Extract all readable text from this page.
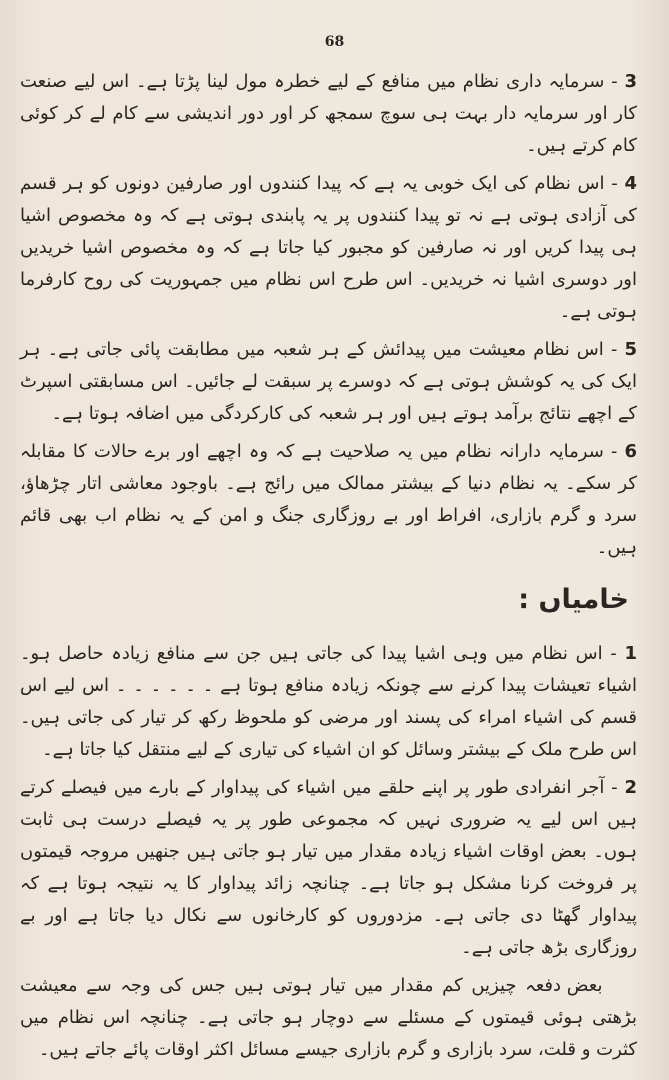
68

3 - سرمایہ داری نظام میں منافع کے لیے خطرہ مول لینا پڑتا ہے۔ اس لیے صنعت کار اور سرمایہ دار بہت ہی سوچ سمجھ کر اور دور اندیشی سے کام لے کر کوئی کام کرتے ہیں۔

4 - اس نظام کی ایک خوبی یہ ہے کہ پیدا کنندوں اور صارفین دونوں کو ہر قسم کی آزادی ہوتی ہے نہ تو پیدا کنندوں پر یہ پابندی ہوتی ہے کہ وہ مخصوص اشیا ہی پیدا کریں اور نہ صارفین کو مجبور کیا جاتا ہے کہ وہ مخصوص اشیا خریدیں اور دوسری اشیا نہ خریدیں۔ اس طرح اس نظام میں جمہوریت کی روح کارفرما ہوتی ہے۔

5 - اس نظام معیشت میں پیدائش کے ہر شعبہ میں مطابقت پائی جاتی ہے۔ ہر ایک کی یہ کوشش ہوتی ہے کہ دوسرے پر سبقت لے جائیں۔ اس مسابقتی اسپرٹ کے اچھے نتائج برآمد ہوتے ہیں اور ہر شعبہ کی کارکردگی میں اضافہ ہوتا ہے۔

6 - سرمایہ دارانہ نظام میں یہ صلاحیت ہے کہ وہ اچھے اور برے حالات کا مقابلہ کر سکے۔ یہ نظام دنیا کے بیشتر ممالک میں رائج ہے۔ باوجود معاشی اتار چڑھاؤ، سرد و گرم بازاری، افراط اور بے روزگاری جنگ و امن کے یہ نظام اب بھی قائم ہیں۔

خامیاں :

1 - اس نظام میں وہی اشیا پیدا کی جاتی ہیں جن سے منافع زیادہ حاصل ہو۔ اشیاء تعیشات پیدا کرنے سے چونکہ زیادہ منافع ہوتا ہے ۔ ۔ ۔ ۔ ۔ ۔ اس لیے اس قسم کی اشیاء امراء کی پسند اور مرضی کو ملحوظ رکھ کر تیار کی جاتی ہیں۔ اس طرح ملک کے بیشتر وسائل کو ان اشیاء کی تیاری کے لیے منتقل کیا جاتا ہے۔

2 - آجر انفرادی طور پر اپنے حلقے میں اشیاء کی پیداوار کے بارے میں فیصلے کرتے ہیں اس لیے یہ ضروری نہیں کہ مجموعی طور پر یہ فیصلے درست ہی ثابت ہوں۔ بعض اوقات اشیاء زیادہ مقدار میں تیار ہو جاتی ہیں جنھیں مروجہ قیمتوں پر فروخت کرنا مشکل ہو جاتا ہے۔ چنانچہ زائد پیداوار کا یہ نتیجہ ہوتا ہے کہ پیداوار گھٹا دی جاتی ہے۔ مزدوروں کو کارخانوں سے نکال دیا جاتا ہے اور بے روزگاری بڑھ جاتی ہے۔

بعض دفعہ چیزیں کم مقدار میں تیار ہوتی ہیں جس کی وجہ سے معیشت بڑھتی ہوئی قیمتوں کے مسئلے سے دوچار ہو جاتی ہے۔ چنانچہ اس نظام میں کثرت و قلت، سرد بازاری و گرم بازاری جیسے مسائل اکثر اوقات پائے جاتے ہیں۔
